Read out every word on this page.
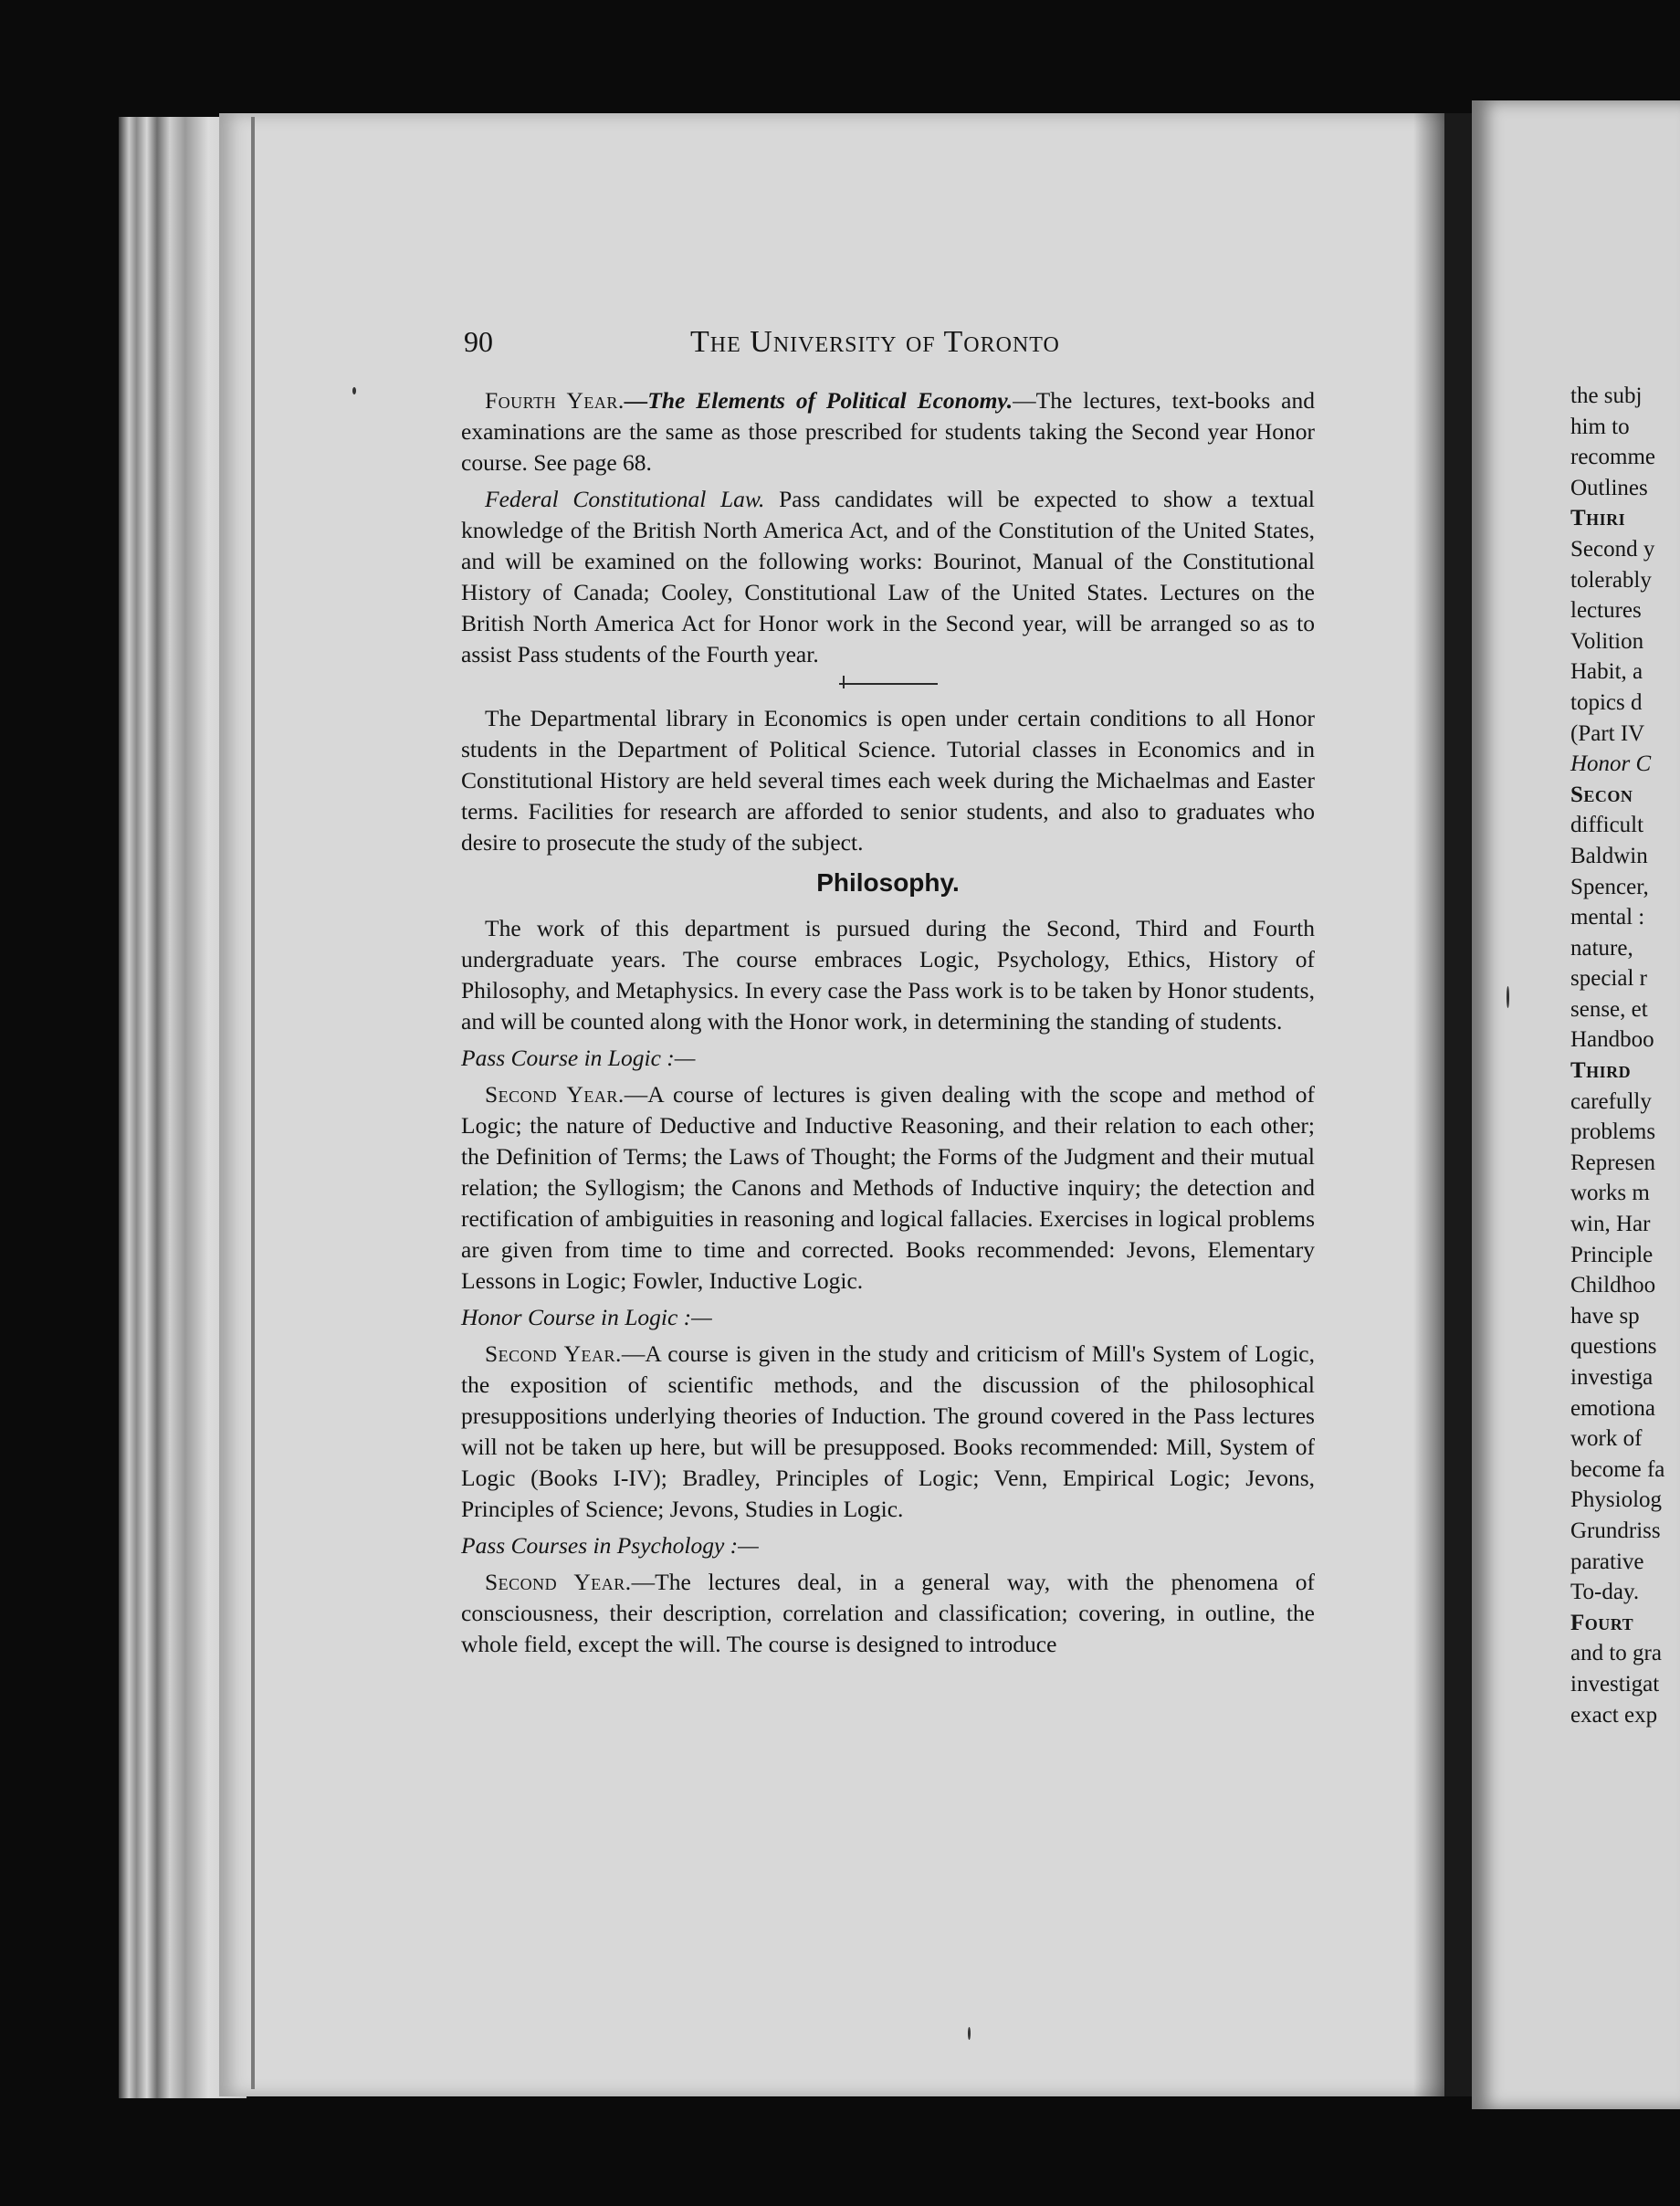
the subj
him to
recomme
Outlines
Thiri
Second y
tolerably
lectures
Volition
Habit, a
topics d
(Part IV
Honor C
Secon
difficult
Baldwin
Spencer,
mental :
nature,
special r
sense, et
Handboo
Third
carefully
problems
Represen
works m
win, Har
Principle
Childhoo
have sp
questions
investiga
emotiona
work of
become fa
Physiolog
Grundriss
parative
To-day.
Fourt
and to gra
investigat
exact exp
90	The University of Toronto

Fourth Year.—The Elements of Political Economy.—The lectures, text-books and examinations are the same as those prescribed for students taking the Second year Honor course. See page 68.

Federal Constitutional Law. Pass candidates will be expected to show a textual knowledge of the British North America Act, and of the Constitution of the United States, and will be examined on the following works: Bourinot, Manual of the Constitutional History of Canada; Cooley, Constitutional Law of the United States. Lectures on the British North America Act for Honor work in the Second year, will be arranged so as to assist Pass students of the Fourth year.

The Departmental library in Economics is open under certain conditions to all Honor students in the Department of Political Science. Tutorial classes in Economics and in Constitutional History are held several times each week during the Michaelmas and Easter terms. Facilities for research are afforded to senior students, and also to graduates who desire to prosecute the study of the subject.

Philosophy.

The work of this department is pursued during the Second, Third and Fourth undergraduate years. The course embraces Logic, Psychology, Ethics, History of Philosophy, and Metaphysics. In every case the Pass work is to be taken by Honor students, and will be counted along with the Honor work, in determining the standing of students.

Pass Course in Logic :—

Second Year.—A course of lectures is given dealing with the scope and method of Logic; the nature of Deductive and Inductive Reasoning, and their relation to each other; the Definition of Terms; the Laws of Thought; the Forms of the Judgment and their mutual relation; the Syllogism; the Canons and Methods of Inductive inquiry; the detection and rectification of ambiguities in reasoning and logical fallacies. Exercises in logical problems are given from time to time and corrected. Books recommended: Jevons, Elementary Lessons in Logic; Fowler, Inductive Logic.

Honor Course in Logic :—

Second Year.—A course is given in the study and criticism of Mill's System of Logic, the exposition of scientific methods, and the discussion of the philosophical presuppositions underlying theories of Induction. The ground covered in the Pass lectures will not be taken up here, but will be presupposed. Books recommended: Mill, System of Logic (Books I-IV); Bradley, Principles of Logic; Venn, Empirical Logic; Jevons, Principles of Science; Jevons, Studies in Logic.

Pass Courses in Psychology :—

Second Year.—The lectures deal, in a general way, with the phenomena of consciousness, their description, correlation and classification; covering, in outline, the whole field, except the will. The course is designed to introduce
